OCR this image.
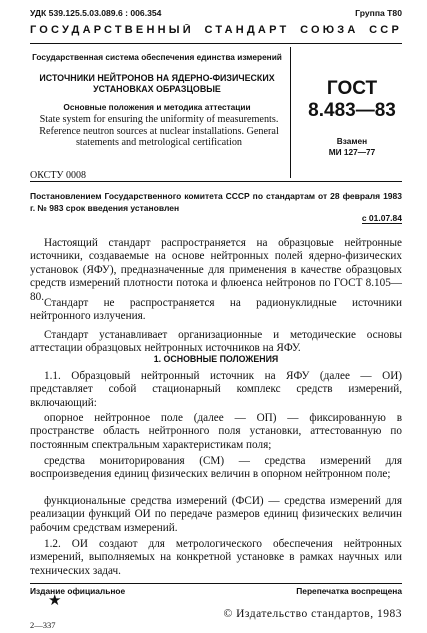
УДК 539.125.5.03.089.6 : 006.354	Группа Т80
ГОСУДАРСТВЕННЫЙ СТАНДАРТ СОЮЗА ССР
Государственная система обеспечения единства измерений
ИСТОЧНИКИ НЕЙТРОНОВ НА ЯДЕРНО-ФИЗИЧЕСКИХ УСТАНОВКАХ ОБРАЗЦОВЫЕ
Основные положения и методика аттестации
State system for ensuring the uniformity of measurements. Reference neutron sources at nuclear installations. General statements and metrological certification
ОКСТУ 0008
ГОСТ
8.483—83
Взамен
МИ 127—77
Постановлением Государственного комитета СССР по стандартам от 28 февраля 1983 г. № 983 срок введения установлен
с 01.07.84

Настоящий стандарт распространяется на образцовые нейтронные источники, создаваемые на основе нейтронных полей ядерно-физических установок (ЯФУ), предназначенные для применения в качестве образцовых средств измерений плотности потока и флюенса нейтронов по ГОСТ 8.105—80.

Стандарт не распространяется на радионуклидные источники нейтронного излучения.

Стандарт устанавливает организационные и методические основы аттестации образцовых нейтронных источников на ЯФУ.

1. ОСНОВНЫЕ ПОЛОЖЕНИЯ

1.1. Образцовый нейтронный источник на ЯФУ (далее — ОИ) представляет собой стационарный комплекс средств измерений, включающий:

опорное нейтронное поле (далее — ОП) — фиксированную в пространстве область нейтронного поля установки, аттестованную по постоянным спектральным характеристикам поля;

средства мониторирования (СМ) — средства измерений для воспроизведения единиц физических величин в опорном нейтронном поле;

функциональные средства измерений (ФСИ) — средства измерений для реализации функций ОИ по передаче размеров единиц физических величин рабочим средствам измерений.

1.2. ОИ создают для метрологического обеспечения нейтронных измерений, выполняемых на конкретной установке в рамках научных или технических задач.

Издание официальное	Перепечатка воспрещена
★
© Издательство стандартов, 1983
2—337
